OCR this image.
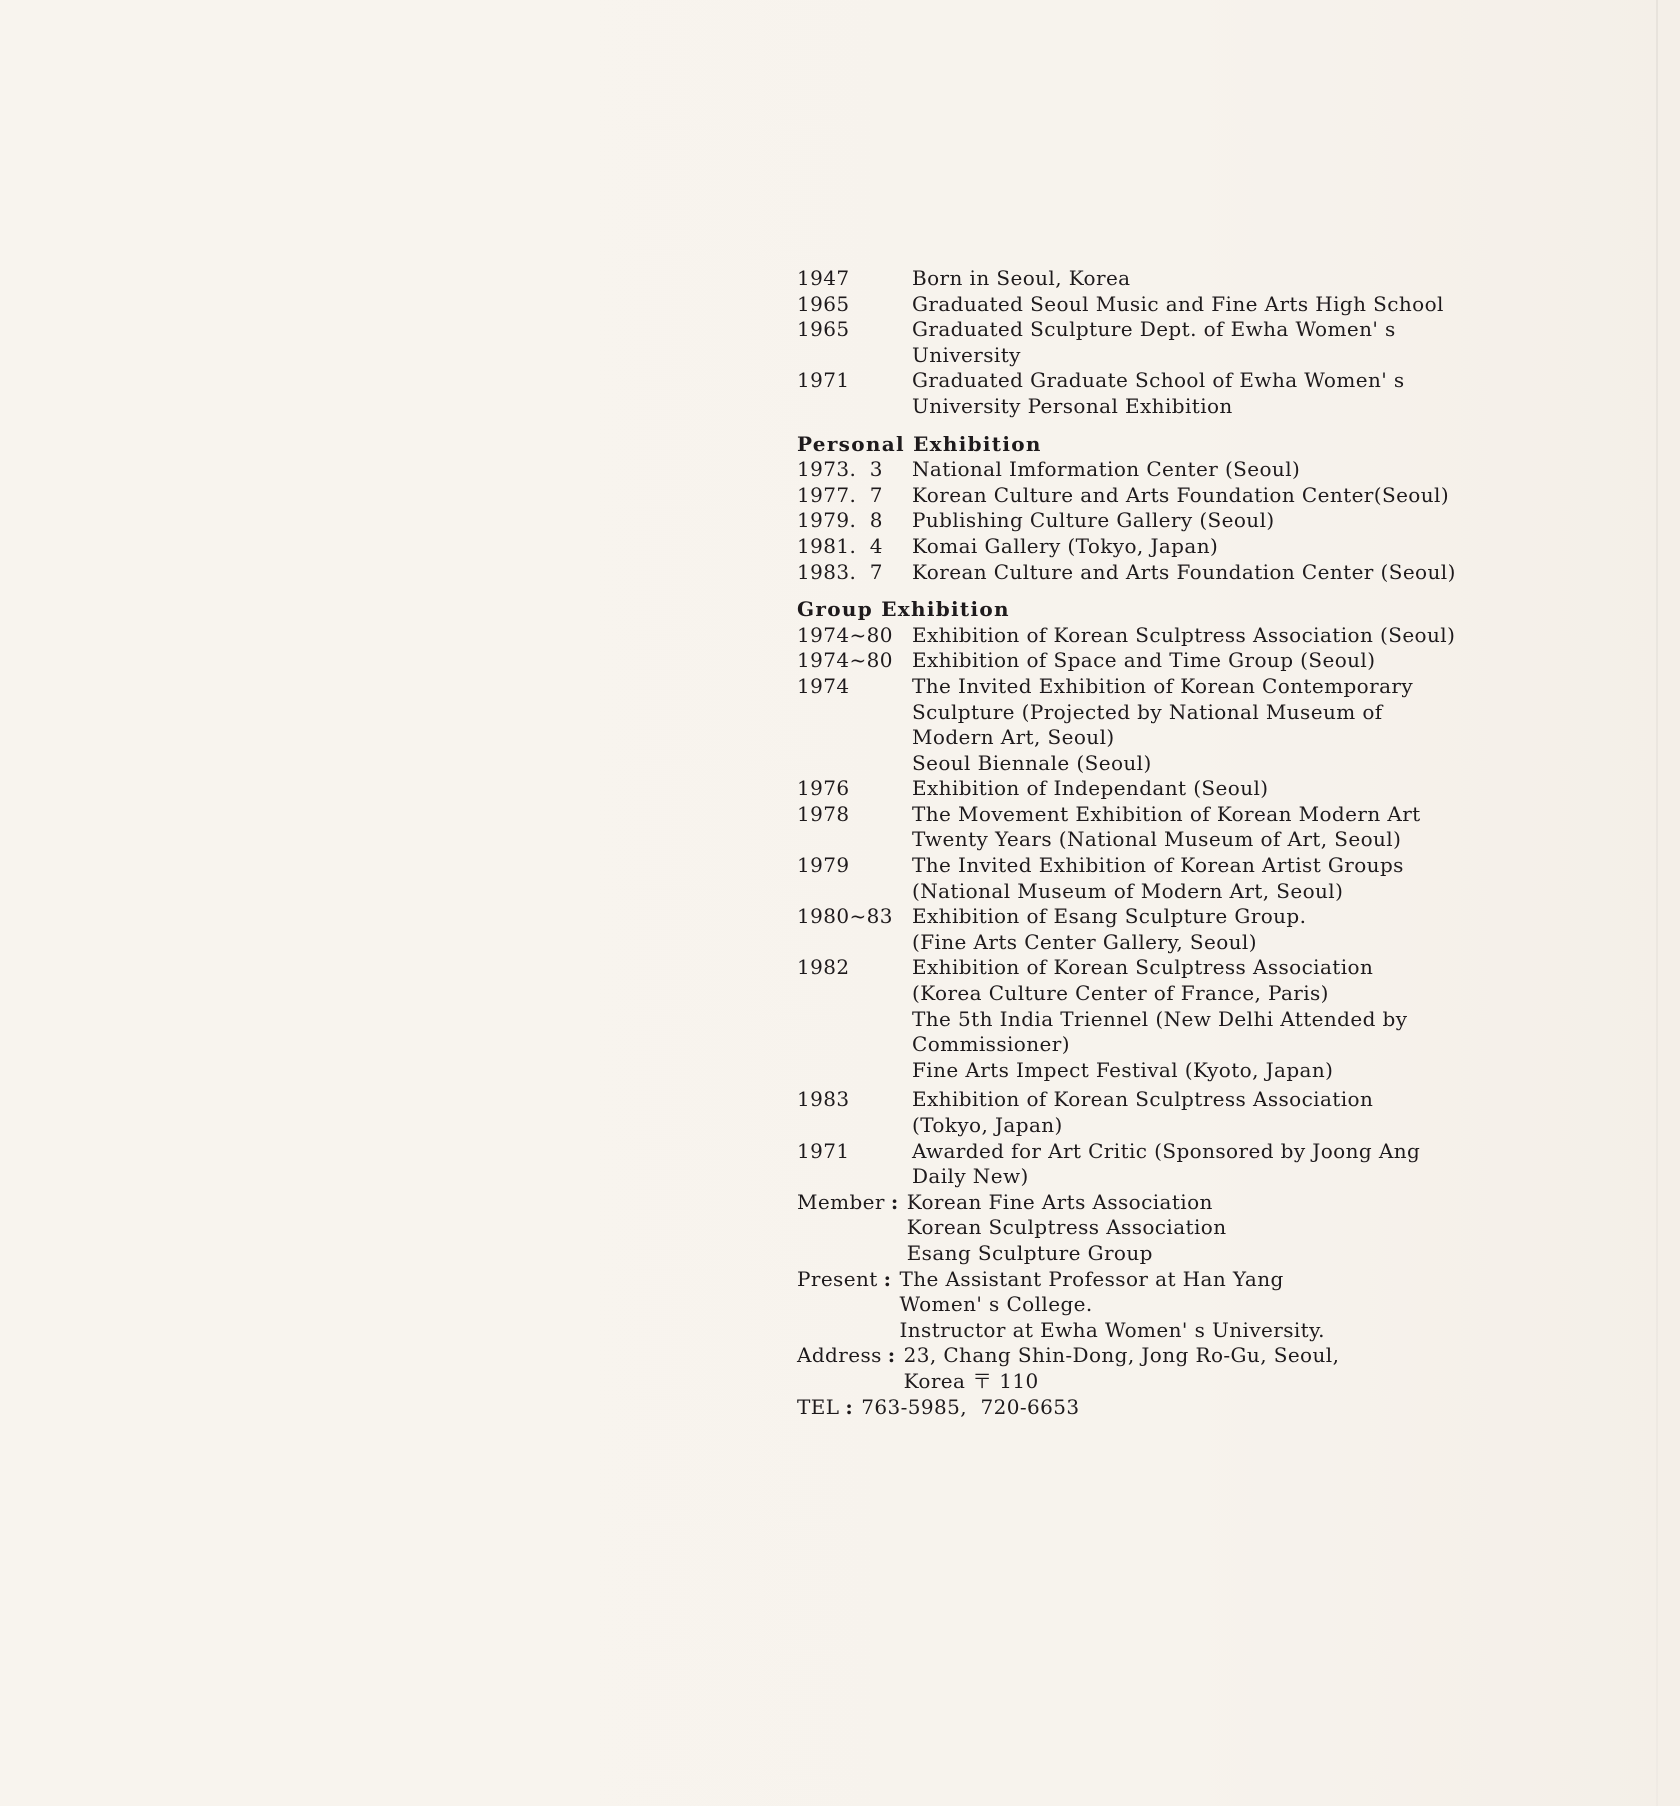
1947	Born in Seoul, Korea
1965	Graduated Seoul Music and Fine Arts High School
1965	Graduated Sculpture Dept. of Ewha Women' s
University
1971	Graduated Graduate School of Ewha Women' s
University Personal Exhibition
Personal Exhibition
1973.  3	National Imformation Center (Seoul)
1977.  7	Korean Culture and Arts Foundation Center(Seoul)
1979.  8	Publishing Culture Gallery (Seoul)
1981.  4	Komai Gallery (Tokyo, Japan)
1983.  7	Korean Culture and Arts Foundation Center (Seoul)
Group Exhibition
1974~80 Exhibition of Korean Sculptress Association (Seoul)
1974~80 Exhibition of Space and Time Group (Seoul)
1974	The Invited Exhibition of Korean Contemporary
Sculpture (Projected by National Museum of
Modern Art, Seoul)
Seoul Biennale (Seoul)
1976	Exhibition of Independant (Seoul)
1978	The Movement Exhibition of Korean Modern Art
Twenty Years (National Museum of Art, Seoul)
1979	The Invited Exhibition of Korean Artist Groups
(National Museum of Modern Art, Seoul)
1980~83 Exhibition of Esang Sculpture Group.
(Fine Arts Center Gallery, Seoul)
1982	Exhibition of Korean Sculptress Association
(Korea Culture Center of France, Paris)
The 5th India Triennel (New Delhi Attended by
Commissioner)
Fine Arts Impect Festival (Kyoto, Japan)
1983	Exhibition of Korean Sculptress Association
(Tokyo, Japan)
1971	Awarded for Art Critic (Sponsored by Joong Ang
Daily New)
Member : Korean Fine Arts Association
Korean Sculptress Association
Esang Sculpture Group
Present : The Assistant Professor at Han Yang
Women' s College.
Instructor at Ewha Women' s University.
Address : 23, Chang Shin-Dong, Jong Ro-Gu, Seoul,
Korea 〒 110
TEL : 763-5985,  720-6653
